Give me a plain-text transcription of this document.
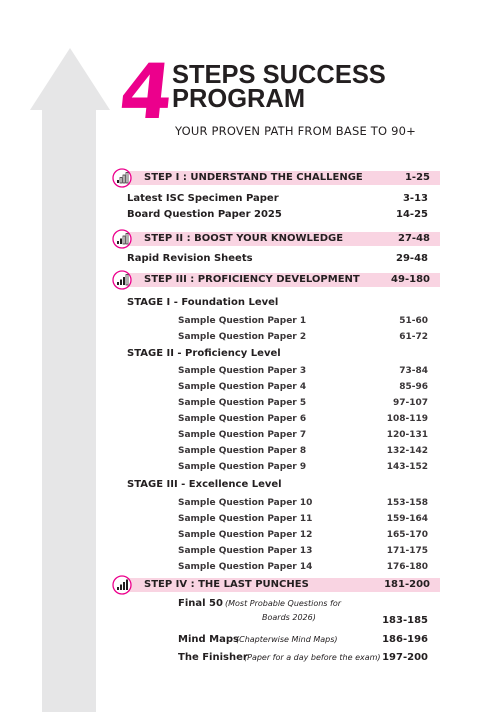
4
STEPS SUCCESS
PROGRAM
YOUR PROVEN PATH FROM BASE TO 90+
STEP I : UNDERSTAND THE CHALLENGE	1-25
Latest ISC Specimen Paper	3-13
Board Question Paper 2025	14-25
STEP II : BOOST YOUR KNOWLEDGE	27-48
Rapid Revision Sheets	29-48
STEP III : PROFICIENCY DEVELOPMENT	49-180
STAGE I - Foundation Level
Sample Question Paper 1	51-60
Sample Question Paper 2	61-72
STAGE II - Proficiency Level
Sample Question Paper 3	73-84
Sample Question Paper 4	85-96
Sample Question Paper 5	97-107
Sample Question Paper 6	108-119
Sample Question Paper 7	120-131
Sample Question Paper 8	132-142
Sample Question Paper 9	143-152
STAGE III - Excellence Level
Sample Question Paper 10	153-158
Sample Question Paper 11	159-164
Sample Question Paper 12	165-170
Sample Question Paper 13	171-175
Sample Question Paper 14	176-180
STEP IV : THE LAST PUNCHES	181-200
Final 50 (Most Probable Questions for
Boards 2026)	183-185
Mind Maps
(Chapterwise Mind Maps)	186-196
The Finisher
(Paper for a day before the exam) 197-200
